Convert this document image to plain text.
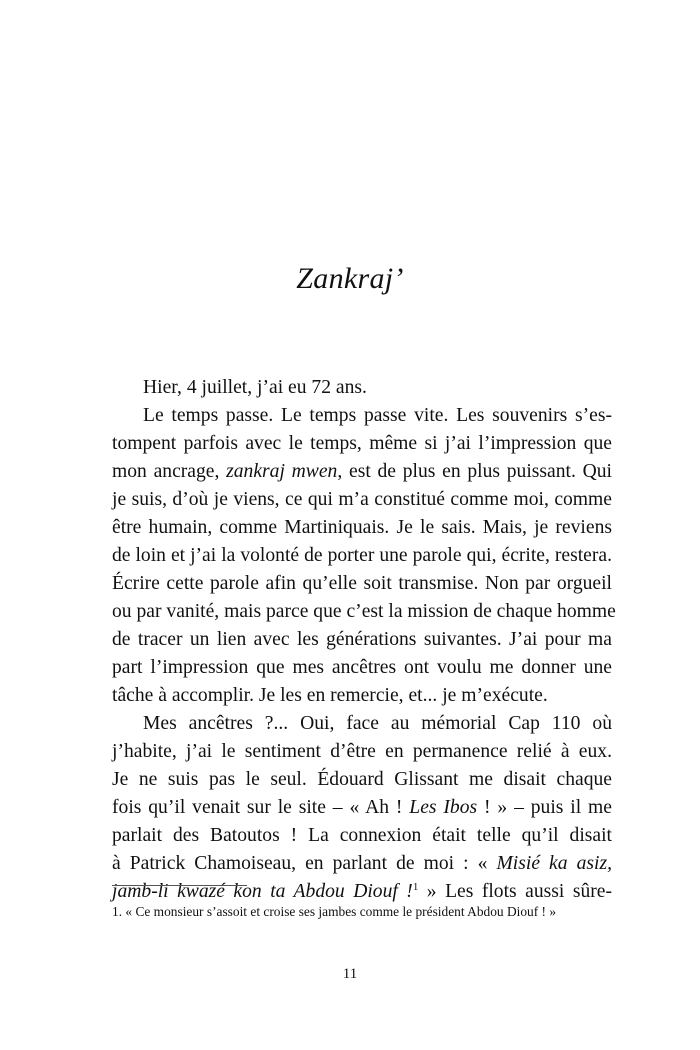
Zankraj’
Hier, 4 juillet, j’ai eu 72 ans.
Le temps passe. Le temps passe vite. Les souvenirs s’es-
tompent parfois avec le temps, même si j’ai l’impression que
mon ancrage, zankraj mwen, est de plus en plus puissant. Qui
je suis, d’où je viens, ce qui m’a constitué comme moi, comme
être humain, comme Martiniquais. Je le sais. Mais, je reviens
de loin et j’ai la volonté de porter une parole qui, écrite, restera.
Écrire cette parole afin qu’elle soit transmise. Non par orgueil
ou par vanité, mais parce que c’est la mission de chaque homme
de tracer un lien avec les générations suivantes. J’ai pour ma
part l’impression que mes ancêtres ont voulu me donner une
tâche à accomplir. Je les en remercie, et... je m’exécute.
Mes ancêtres ?... Oui, face au mémorial Cap 110 où
j’habite, j’ai le sentiment d’être en permanence relié à eux.
Je ne suis pas le seul. Édouard Glissant me disait chaque
fois qu’il venait sur le site – « Ah ! Les Ibos ! » – puis il me
parlait des Batoutos ! La connexion était telle qu’il disait
à Patrick Chamoiseau, en parlant de moi : « Misié ka asiz,
jamb-li kwazé kon ta Abdou Diouf !$^1$ » Les flots aussi sûre-
1. « Ce monsieur s’assoit et croise ses jambes comme le président Abdou Diouf ! »
11
